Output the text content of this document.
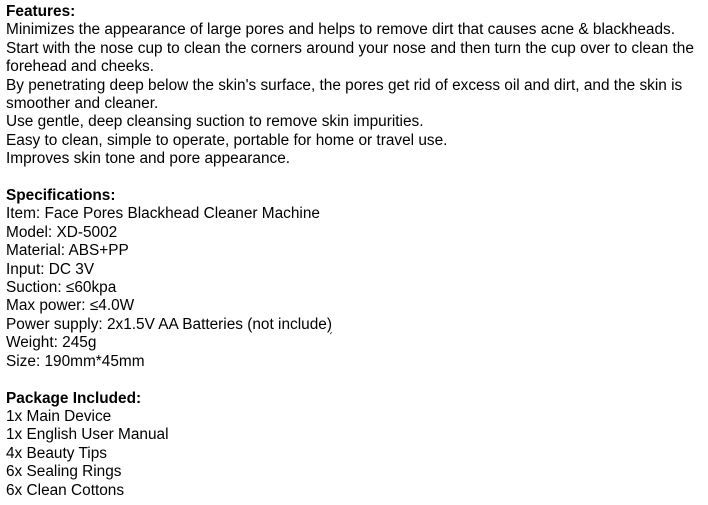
Features:
Minimizes the appearance of large pores and helps to remove dirt that causes acne & blackheads.
Start with the nose cup to clean the corners around your nose and then turn the cup over to clean the forehead and cheeks.
By penetrating deep below the skin's surface, the pores get rid of excess oil and dirt, and the skin is smoother and cleaner.
Use gentle, deep cleansing suction to remove skin impurities.
Easy to clean, simple to operate, portable for home or travel use.
Improves skin tone and pore appearance.
Specifications:
Item: Face Pores Blackhead Cleaner Machine
Model: XD-5002
Material: ABS+PP
Input: DC 3V
Suction: ≤60kpa
Max power: ≤4.0W
Power supply: 2x1.5V AA Batteries (not include)
Weight: 245g
Size: 190mm*45mm
Package Included:
1x Main Device
1x English User Manual
4x Beauty Tips
6x Sealing Rings
6x Clean Cottons
